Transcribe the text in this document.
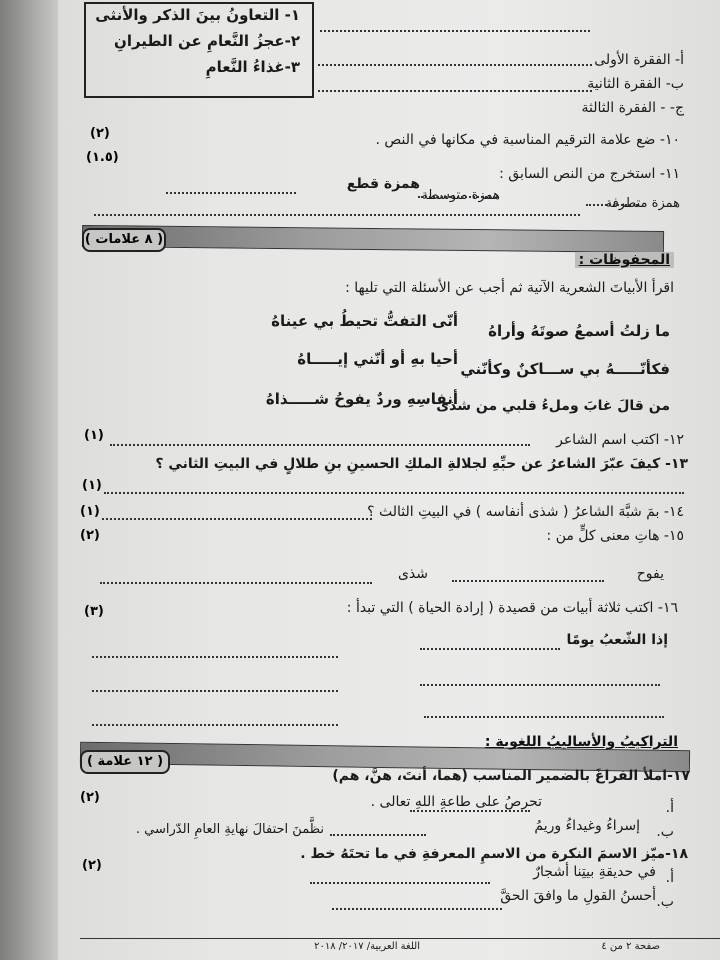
١- التعاونُ بينَ الذكر والأنثى
٢-عجزُ النَّعامِ عن الطيرانِ
٣-غذاءُ النَّعامِ	أ- الفقرة الأولى
ب- الفقرة الثانية
ج- - الفقرة الثالثة
(٢)	١٠- ضع علامة الترقيم المناسبة في مكانها في النص .
(١.٥)
١١- استخرج من النص السابق :
همزة قطع
همزة متوسطة
همزة متطرفة
( ٨ علامات )
المحفوظات :
اقرأ الأبياتَ الشعرية الآتية ثم أجب عن الأسئلة التي تليها :
ما زلتُ أسمعُ صوتَهُ وأراهُ
أنّى التفتُّ تحيطُ بي عيناهُ
فكأنّـــــهُ بي ســـاكنٌ وكأنّني
أحيا بهِ أو أنّني إيـــــاهُ
من قالَ غابَ وملءُ قلبي من شذى
أنفاسِهِ وردٌ يفوحُ شـــــذاهُ
(١)	١٢- اكتب اسم الشاعر
١٣- كيفَ عبّرَ الشاعرُ عن حبِّهِ لجلالةِ الملكِ الحسينِ بنِ طلالٍ في البيتِ الثاني ؟
(١)
(١)	١٤- بمَ شبَّهَ الشاعرُ ( شذى أنفاسه ) في البيتِ الثالث ؟
(٢)	١٥- هاتِ معنى كلٍّ من :
يفوح
شذى
(٣)	١٦- اكتب ثلاثة أبيات من قصيدة ( إرادة الحياة ) التي تبدأ :
إذا الشّعبُ يومًا
التراكيبُ والأساليبُ اللغوية :
( ١٢ علامة )
١٧-املأ الفراغَ بالضمير المناسب (هما، أنتَ، هنَّ، هم)
(٢)
أ.
تحرصُ على طاعةِ اللهِ تعالى .
ب.
إسراءُ وغيداءُ وريمُ
نظَّمنَ احتفالَ نهايةِ العامِ الدّراسي .
١٨-ميّز الاسمَ النكرة من الاسمِ المعرفةِ في ما تحتَهُ خط .
(٢)
أ.
في حديقةِ بيتِنا أشجارٌ
ب.
أحسنُ القولِ ما وافقَ الحقَّ
صفحة ٢ من ٤
اللغة العربية/ ٢٠١٧/ ٢٠١٨
